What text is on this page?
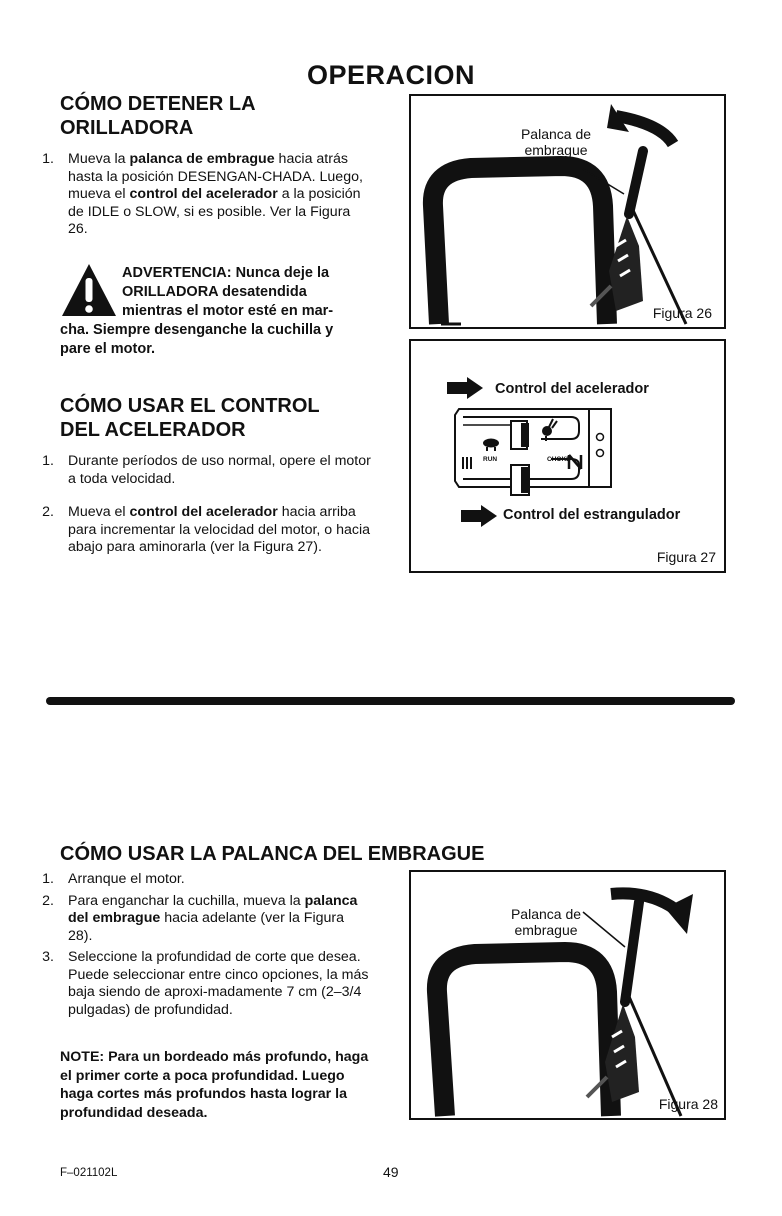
OPERACION
CÓMO DETENER LA
ORILLADORA
1. Mueva la palanca de embrague hacia atrás hasta la posición DESENGAN-CHADA. Luego, mueva el control del acelerador a la posición de IDLE o SLOW, si es posible. Ver la Figura 26.
ADVERTENCIA: Nunca deje la
ORILLADORA desatendida
mientras el motor esté en mar-
cha. Siempre desenganche la cuchilla y
pare el motor.
CÓMO USAR EL CONTROL
DEL ACELERADOR
1. Durante períodos de uso normal, opere el motor a toda velocidad.
2. Mueva el control del acelerador hacia arriba para incrementar la velocidad del motor, o hacia abajo para aminorarla (ver la Figura 27).
Palanca de
embrague
Figura 26
Control del acelerador
RUN	CHOKE
Control del estrangulador
Figura 27
CÓMO USAR LA PALANCA DEL EMBRAGUE
1. Arranque el motor.
2. Para enganchar la cuchilla, mueva la palanca del embrague hacia adelante (ver la Figura 28).
3. Seleccione la profundidad de corte que desea. Puede seleccionar entre cinco opciones, la más baja siendo de aproxi-madamente 7 cm (2–3/4 pulgadas) de profundidad.
NOTE: Para un bordeado más profundo, haga el primer corte a poca profundidad. Luego haga cortes más profundos hasta lograr la profundidad deseada.
Palanca de
embrague
Figura 28
F–021102L	49
